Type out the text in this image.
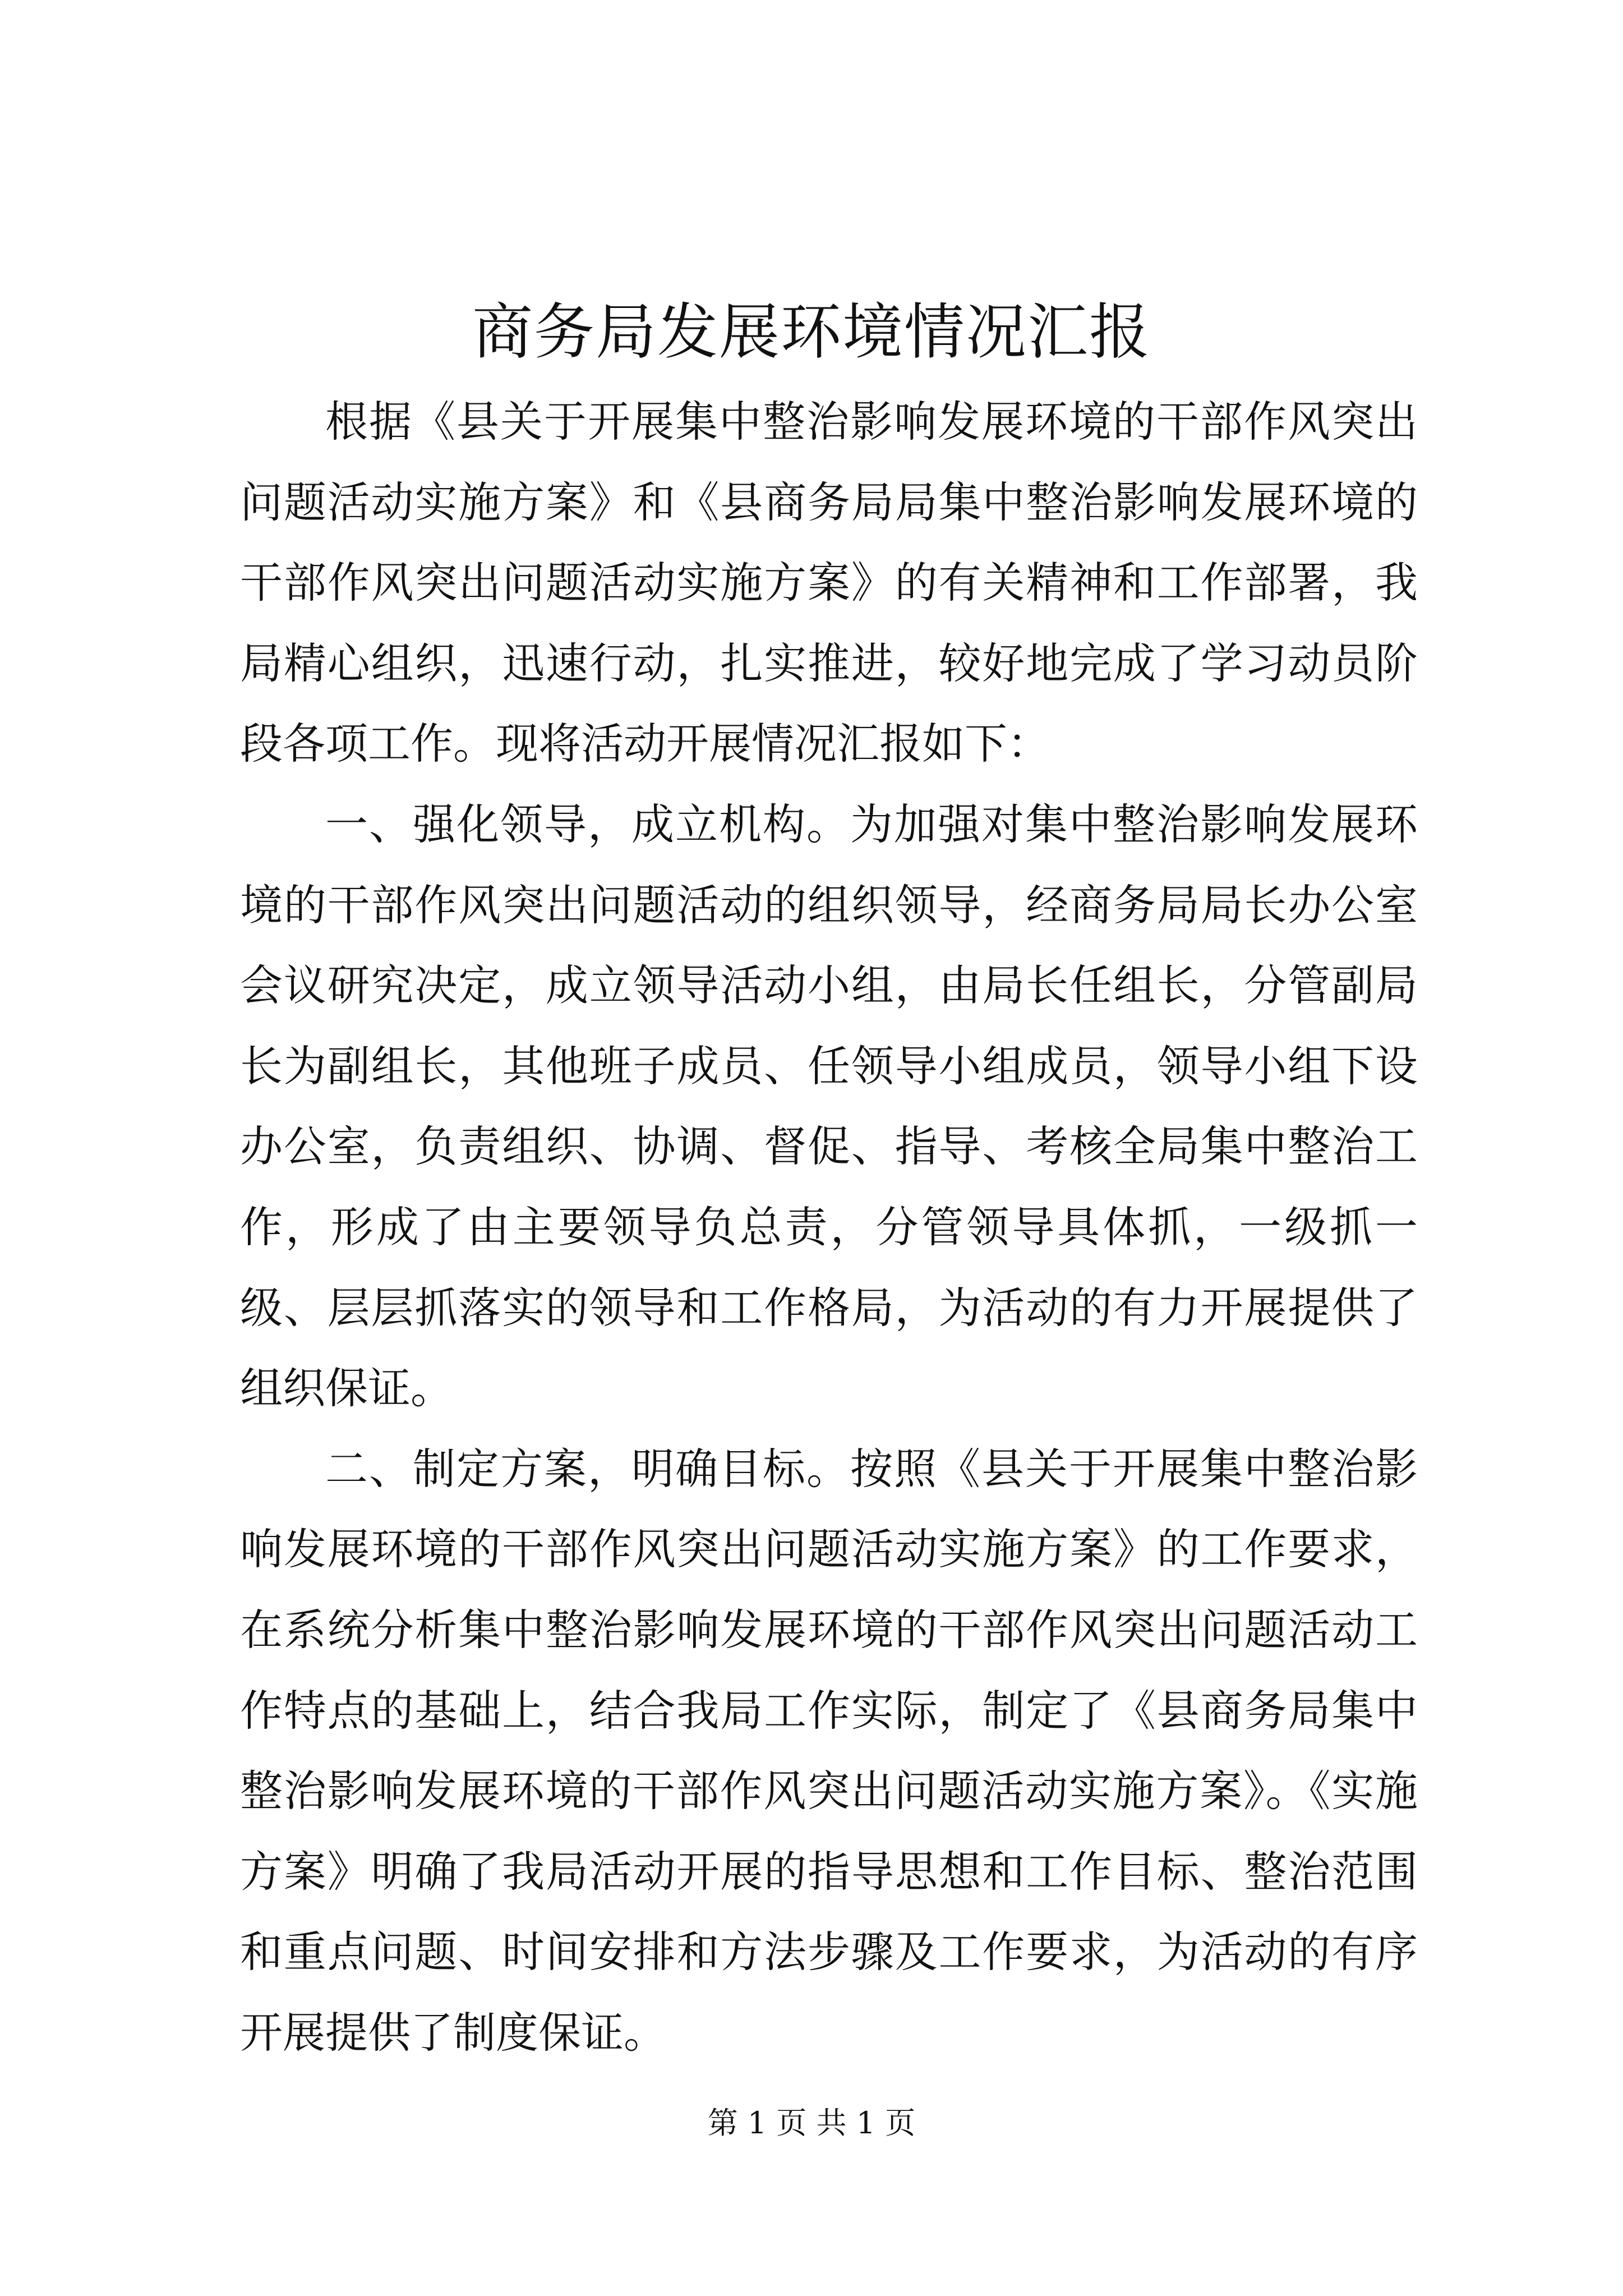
商务局发展环境情况汇报

根据《县关于开展集中整治影响发展环境的干部作风突出问题活动实施方案》和《县商务局局集中整治影响发展环境的干部作风突出问题活动实施方案》的有关精神和工作部署，我局精心组织，迅速行动，扎实推进，较好地完成了学习动员阶段各项工作。现将活动开展情况汇报如下：

一、强化领导，成立机构。为加强对集中整治影响发展环境的干部作风突出问题活动的组织领导，经商务局局长办公室会议研究决定，成立领导活动小组，由局长任组长，分管副局长为副组长，其他班子成员、任领导小组成员，领导小组下设办公室，负责组织、协调、督促、指导、考核全局集中整治工作，形成了由主要领导负总责，分管领导具体抓，一级抓一级、层层抓落实的领导和工作格局，为活动的有力开展提供了组织保证。

二、制定方案，明确目标。按照《县关于开展集中整治影响发展环境的干部作风突出问题活动实施方案》的工作要求，在系统分析集中整治影响发展环境的干部作风突出问题活动工作特点的基础上，结合我局工作实际，制定了《县商务局集中整治影响发展环境的干部作风突出问题活动实施方案》。《实施方案》明确了我局活动开展的指导思想和工作目标、整治范围和重点问题、时间安排和方法步骤及工作要求，为活动的有序开展提供了制度保证。

第 1 页 共 1 页
